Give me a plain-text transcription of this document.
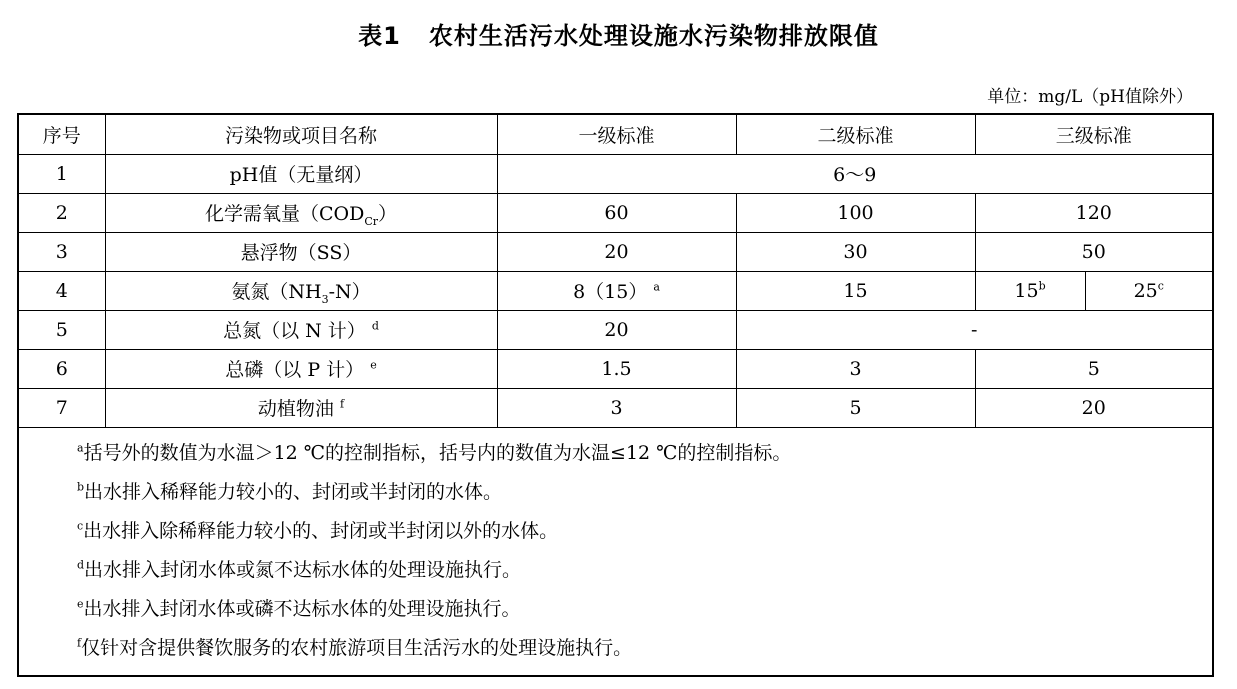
表1 农村生活污水处理设施水污染物排放限值
单位：mg/L（pH值除外）
序号	污染物或项目名称	一级标准	二级标准	三级标准	
1	pH值（无量纲）	6～9			
2	化学需氧量$(COD_{Cr})$	60	100	120	
3	悬浮物（SS）	20	30	50	
4	氨氮$(NH_3-N)$	8（15） $^a$	15	15$^b$	25$^c$
5	总氮（以 N 计） $^d$	20	-		
6	总磷（以 P 计） $^e$	1.5	3	5	
7	动植物油 $^f$	3	5	20	
$^a$括号外的数值为水温＞12 ℃的控制指标，括号内的数值为水温≤12 ℃的控制指标。
$^b$出水排入稀释能力较小的、封闭或半封闭的水体。
$^c$出水排入除稀释能力较小的、封闭或半封闭以外的水体。
$^d$出水排入封闭水体或氮不达标水体的处理设施执行。
$^e$出水排入封闭水体或磷不达标水体的处理设施执行。
$^f$仅针对含提供餐饮服务的农村旅游项目生活污水的处理设施执行。
